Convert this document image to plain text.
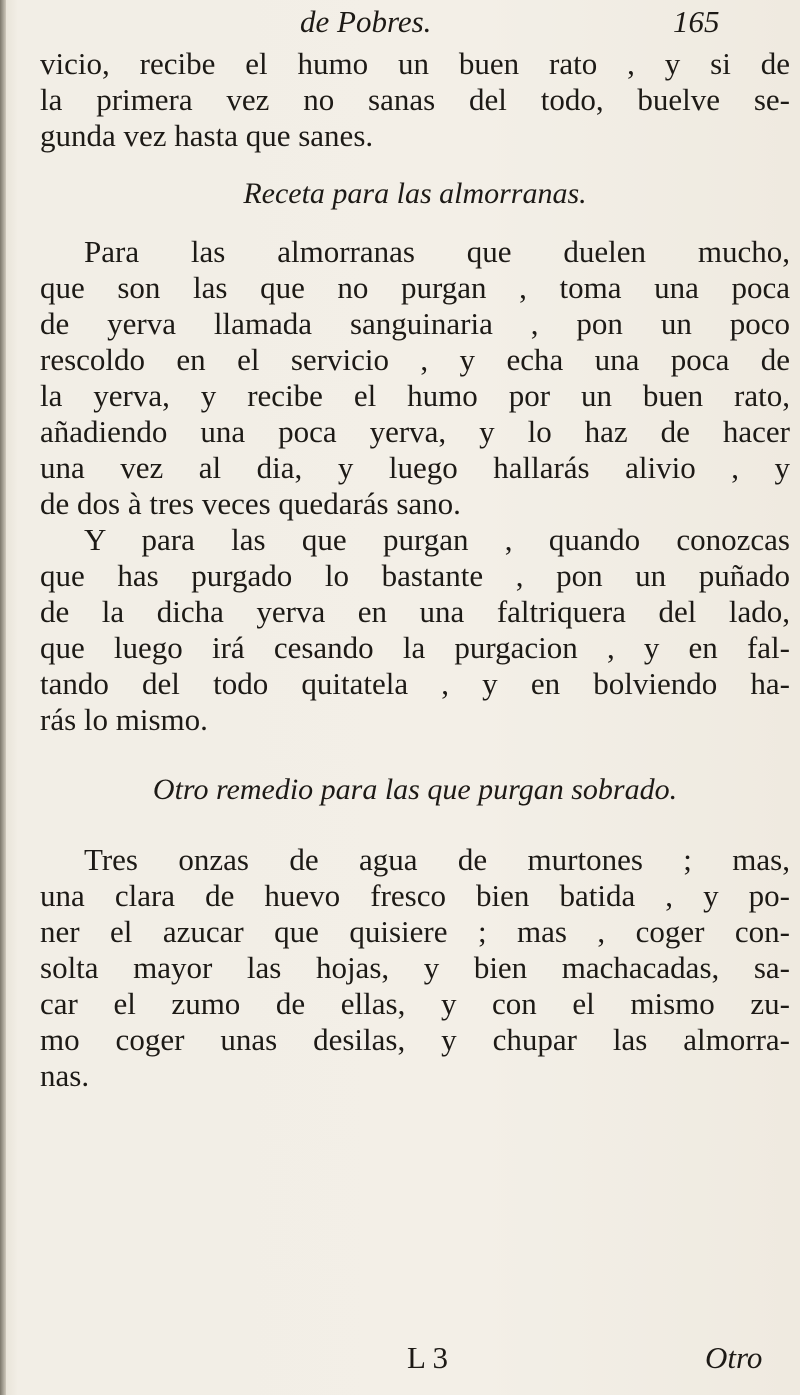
de Pobres.	165
vicio, recibe el humo un buen rato , y si de
la primera vez no sanas del todo, buelve se-
gunda vez hasta que sanes.
Receta para las almorranas.
Para las almorranas que duelen mucho,
que son las que no purgan , toma una poca
de yerva llamada sanguinaria , pon un poco
rescoldo en el servicio , y echa una poca de
la yerva, y recibe el humo por un buen rato,
añadiendo una poca yerva, y lo haz de hacer
una vez al dia, y luego hallarás alivio , y
de dos à tres veces quedarás sano.
Y para las que purgan , quando conozcas
que has purgado lo bastante , pon un puñado
de la dicha yerva en una faltriquera del lado,
que luego irá cesando la purgacion , y en fal-
tando del todo quitatela , y en bolviendo ha-
rás lo mismo.
Otro remedio para las que purgan sobrado.
Tres onzas de agua de murtones ; mas,
una clara de huevo fresco bien batida , y po-
ner el azucar que quisiere ; mas , coger con-
solta mayor las hojas, y bien machacadas, sa-
car el zumo de ellas, y con el mismo zu-
mo coger unas desilas, y chupar las almorra-
nas.
L 3	Otro
